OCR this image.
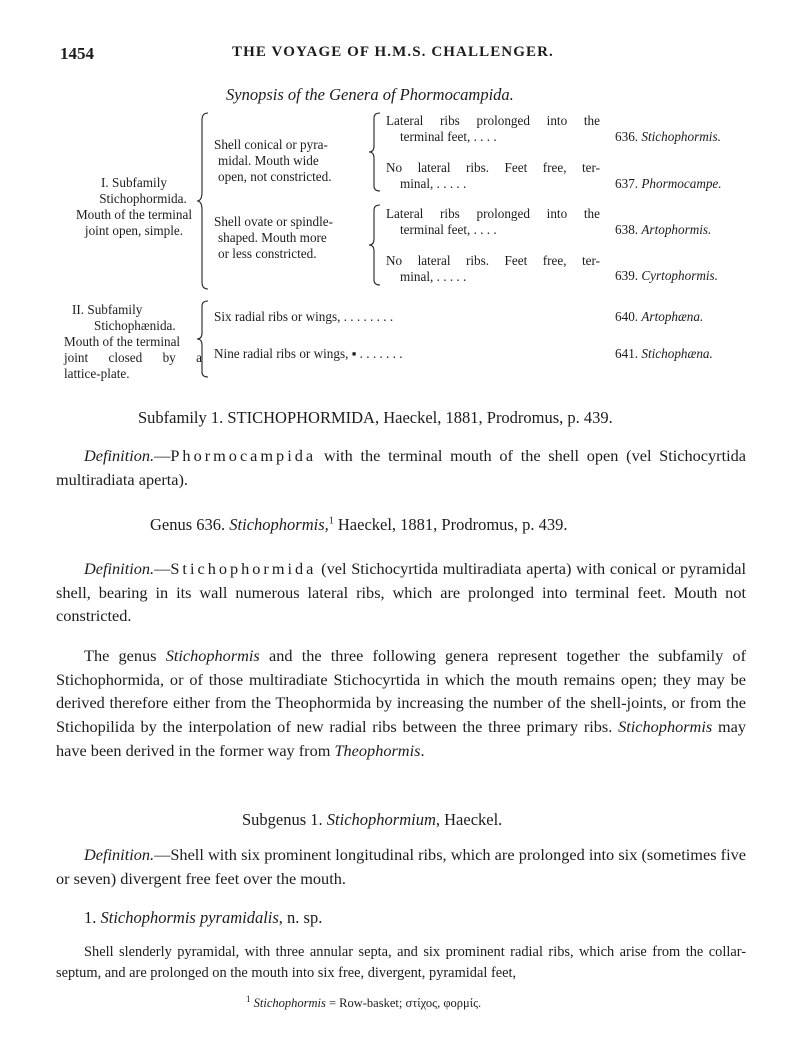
1454	THE VOYAGE OF H.M.S. CHALLENGER.
Synopsis of the Genera of Phormocampida.
I. Subfamily
Stichophormida.
Mouth of the terminal
joint open, simple.
II. Subfamily
Stichophænida.
Mouth of the terminal
joint closed by a
lattice-plate.
Shell conical or pyra-
midal. Mouth wide
open, not constricted.
Shell ovate or spindle-
shaped. Mouth more
or less constricted.
Lateral ribs prolonged into the
terminal feet, . . . .
No lateral ribs. Feet free, ter-
minal, . . . . .
Lateral ribs prolonged into the
terminal feet, . . . .
No lateral ribs. Feet free, ter-
minal, . . . . .
Six radial ribs or wings, . . . . . . . .
Nine radial ribs or wings, ▪ . . . . . . .
636. Stichophormis.
637. Phormocampe.
638. Artophormis.
639. Cyrtophormis.
640. Artophæna.
641. Stichophæna.
Subfamily 1. STICHOPHORMIDA, Haeckel, 1881, Prodromus, p. 439.
Definition.—Phormocampida with the terminal mouth of the shell open (vel Stichocyrtida multiradiata aperta).
Genus 636. Stichophormis,$^1$ Haeckel, 1881, Prodromus, p. 439.
Definition.—Stichophormida (vel Stichocyrtida multiradiata aperta) with conical or pyramidal shell, bearing in its wall numerous lateral ribs, which are prolonged into terminal feet. Mouth not constricted.
The genus Stichophormis and the three following genera represent together the subfamily of Stichophormida, or of those multiradiate Stichocyrtida in which the mouth remains open; they may be derived therefore either from the Theophormida by increasing the number of the shell-joints, or from the Stichopilida by the interpolation of new radial ribs between the three primary ribs. Stichophormis may have been derived in the former way from Theophormis.
Subgenus 1. Stichophormium, Haeckel.
Definition.—Shell with six prominent longitudinal ribs, which are prolonged into six (sometimes five or seven) divergent free feet over the mouth.
1. Stichophormis pyramidalis, n. sp.
Shell slenderly pyramidal, with three annular septa, and six prominent radial ribs, which arise from the collar-septum, and are prolonged on the mouth into six free, divergent, pyramidal feet,
$^1$ Stichophormis = Row-basket; στίχος, φορμίς.
